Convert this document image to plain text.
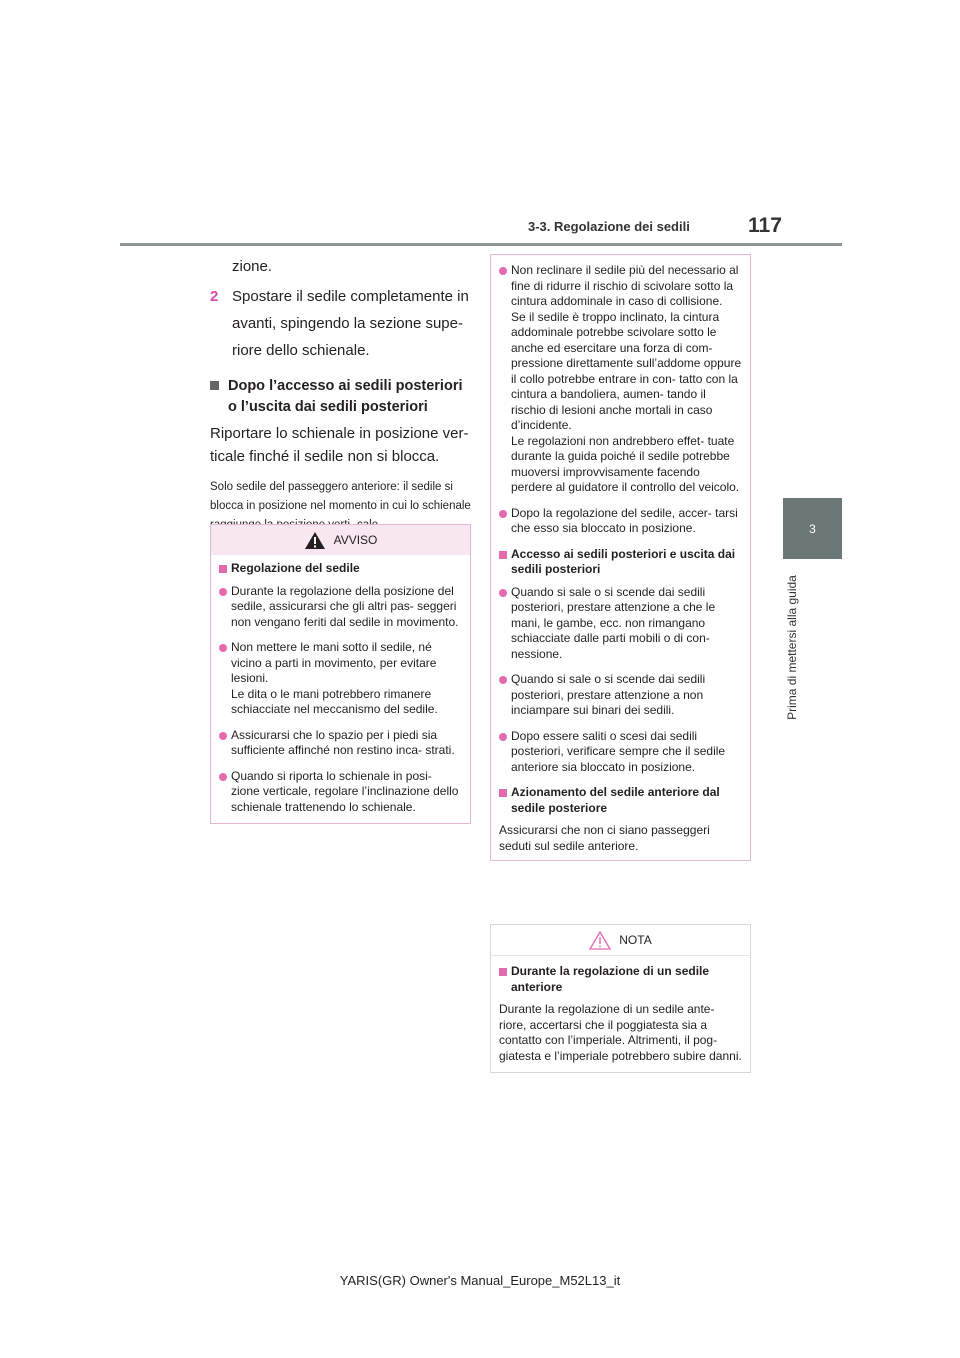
3-3. Regolazione dei sedili	117
3
Prima di mettersi alla guida

zione.

2 Spostare il sedile completamente in avanti, spingendo la sezione supe- riore dello schienale.

Dopo l’accesso ai sedili posteriori o l’uscita dai sedili posteriori

Riportare lo schienale in posizione ver- ticale finché il sedile non si blocca.

Solo sedile del passeggero anteriore: il sedile si blocca in posizione nel momento in cui lo schienale

AVVISO
Regolazione del sedile
Durante la regolazione della posizione del sedile, assicurarsi che gli altri pas- seggeri non vengano feriti dal sedile in movimento.
Non mettere le mani sotto il sedile, né vicino a parti in movimento, per evitare lesioni.
Le dita o le mani potrebbero rimanere schiacciate nel meccanismo del sedile.
Assicurarsi che lo spazio per i piedi sia sufficiente affinché non restino inca- strati.
Quando si riporta lo schienale in posi- zione verticale, regolare l’inclinazione dello schienale trattenendo lo schienale.
Non reclinare il sedile più del necessario al fine di ridurre il rischio di scivolare sotto la cintura addominale in caso di collisione.
Se il sedile è troppo inclinato, la cintura addominale potrebbe scivolare sotto le anche ed esercitare una forza di com- pressione direttamente sull’addome oppure il collo potrebbe entrare in con- tatto con la cintura a bandoliera, aumen- tando il rischio di lesioni anche mortali in caso d’incidente.
Le regolazioni non andrebbero effet- tuate durante la guida poiché il sedile potrebbe muoversi improvvisamente facendo perdere al guidatore il controllo del veicolo.
Dopo la regolazione del sedile, accer- tarsi che esso sia bloccato in posizione.
Accesso ai sedili posteriori e uscita dai sedili posteriori
Quando si sale o si scende dai sedili posteriori, prestare attenzione a che le mani, le gambe, ecc. non rimangano schiacciate dalle parti mobili o di con- nessione.
Quando si sale o si scende dai sedili posteriori, prestare attenzione a non inciampare sui binari dei sedili.
Dopo essere saliti o scesi dai sedili posteriori, verificare sempre che il sedile anteriore sia bloccato in posizione.
Azionamento del sedile anteriore dal sedile posteriore

Assicurarsi che non ci siano passeggeri seduti sul sedile anteriore.

NOTA
Durante la regolazione di un sedile anteriore

Durante la regolazione di un sedile ante- riore, accertarsi che il poggiatesta sia a contatto con l’imperiale. Altrimenti, il pog- giatesta e l’imperiale potrebbero subire danni.

YARIS(GR) Owner's Manual_Europe_M52L13_it
